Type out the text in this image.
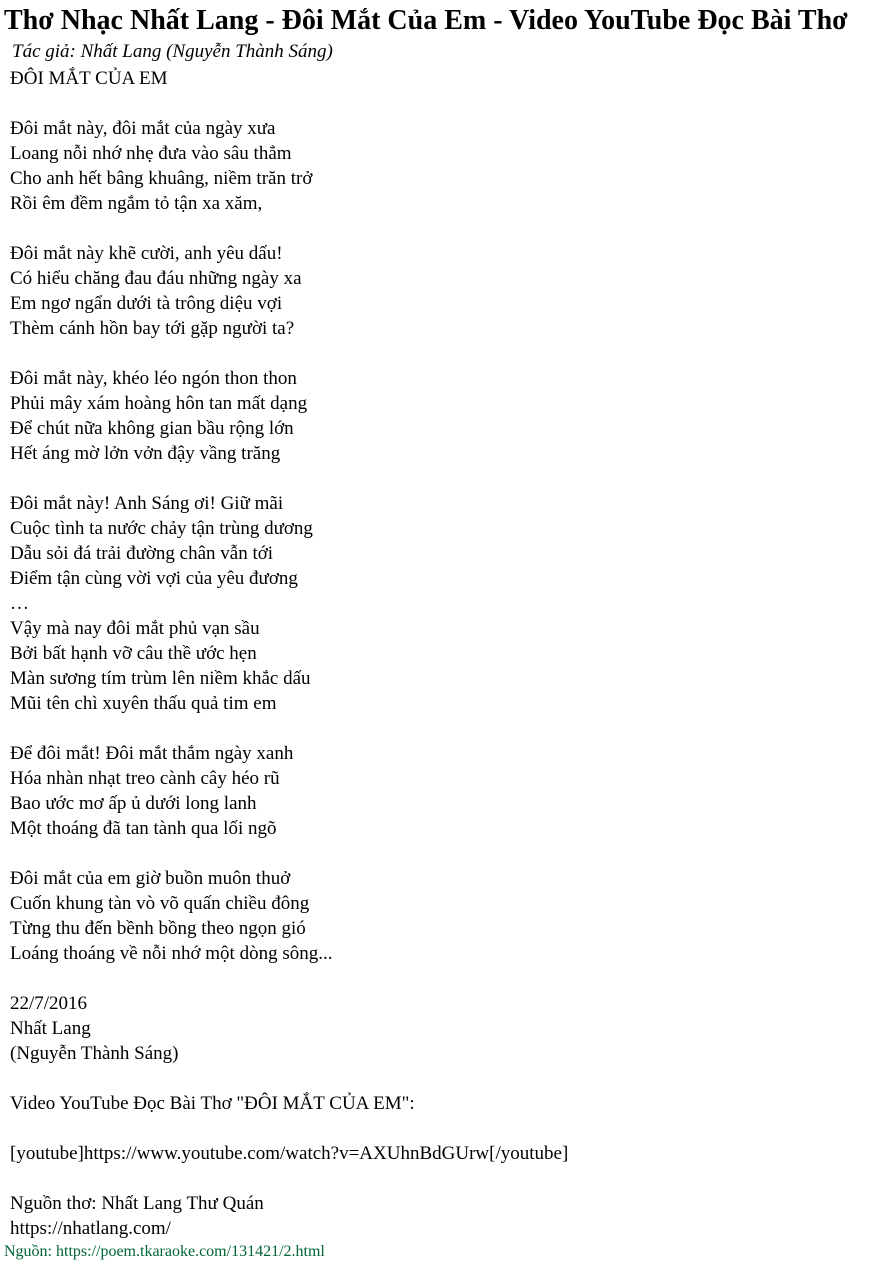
Thơ Nhạc Nhất Lang - Đôi Mắt Của Em - Video YouTube Đọc Bài Thơ
Tác giả: Nhất Lang (Nguyễn Thành Sáng)
ĐÔI MẮT CỦA EM
Đôi mắt này, đôi mắt của ngày xưa
Loang nỗi nhớ nhẹ đưa vào sâu thẳm
Cho anh hết bâng khuâng, niềm trăn trở
Rồi êm đềm ngắm tỏ tận xa xăm,
Đôi mắt này khẽ cười, anh yêu dấu!
Có hiểu chăng đau đáu những ngày xa
Em ngơ ngẩn dưới tà trông diệu vợi
Thèm cánh hồn bay tới gặp người ta?
Đôi mắt này, khéo léo ngón thon thon
Phủi mây xám hoàng hôn tan mất dạng
Để chút nữa không gian bầu rộng lớn
Hết áng mờ lởn vởn đậy vầng trăng
Đôi mắt này! Anh Sáng ơi! Giữ mãi
Cuộc tình ta nước chảy tận trùng dương
Dẫu sỏi đá trải đường chân vẫn tới
Điểm tận cùng vời vợi của yêu đương
…
Vậy mà nay đôi mắt phủ vạn sầu
Bởi bất hạnh vỡ câu thề ước hẹn
Màn sương tím trùm lên niềm khắc dấu
Mũi tên chì xuyên thấu quả tim em
Để đôi mắt! Đôi mắt thắm ngày xanh
Hóa nhàn nhạt treo cành cây héo rũ
Bao ước mơ ấp ủ dưới long lanh
Một thoáng đã tan tành qua lối ngõ
Đôi mắt của em giờ buồn muôn thuở
Cuốn khung tàn vò võ quấn chiều đông
Từng thu đến bềnh bồng theo ngọn gió
Loáng thoáng về nỗi nhớ một dòng sông...
22/7/2016
Nhất Lang
(Nguyễn Thành Sáng)
Video YouTube Đọc Bài Thơ "ĐÔI MẮT CỦA EM":
[youtube]https://www.youtube.com/watch?v=AXUhnBdGUrw[/youtube]
Nguồn thơ: Nhất Lang Thư Quán
https://nhatlang.com/
Nguồn: https://poem.tkaraoke.com/131421/2.html
